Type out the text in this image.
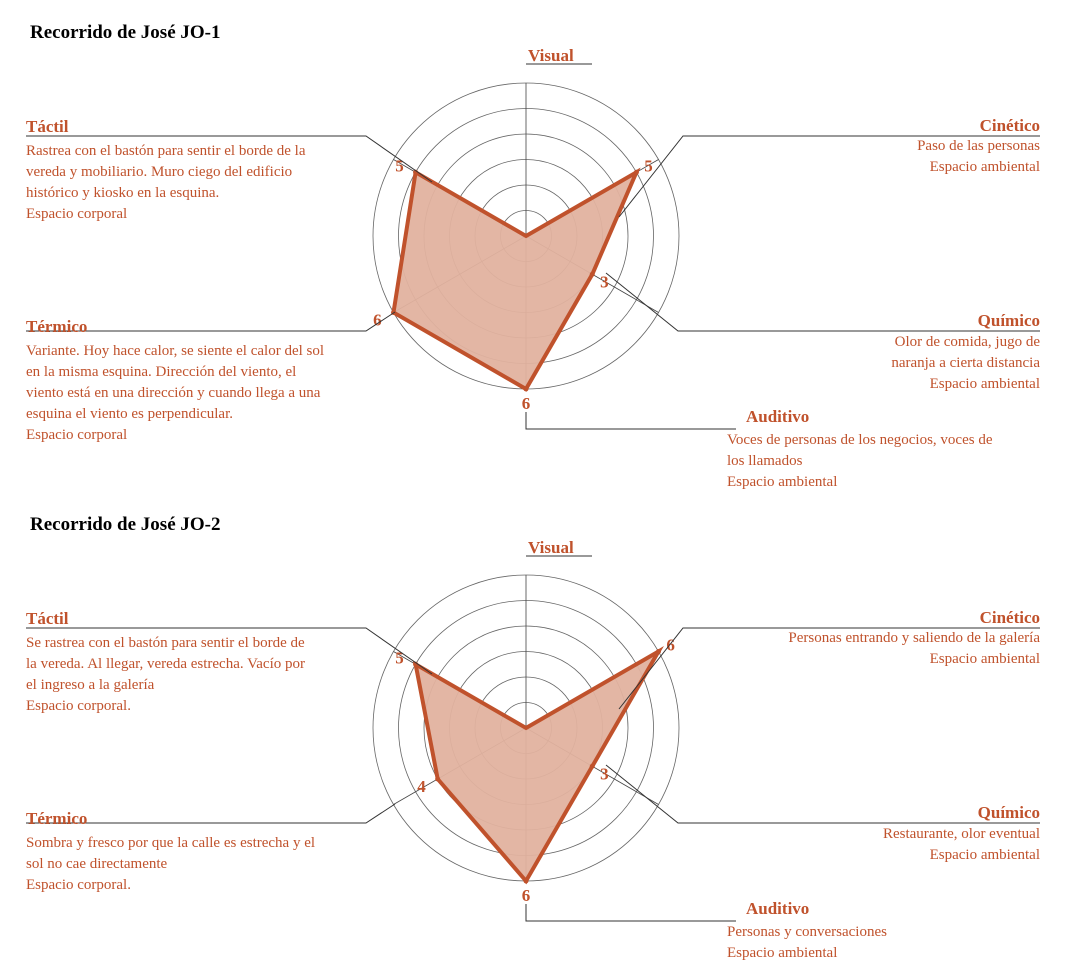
Recorrido de José JO-1
5
3
6
6
5
Visual
Cinético
Paso de las personas
Espacio ambiental
Químico
Olor de comida, jugo de
naranja a cierta distancia
Espacio ambiental
Auditivo
Voces de personas de los negocios, voces de
los llamados
Espacio ambiental
Térmico
Variante. Hoy hace calor, se siente el calor del sol
en la misma esquina. Dirección del viento, el
viento está en una dirección y cuando llega a una
esquina el viento es perpendicular.
Espacio corporal
Táctil
Rastrea con el bastón para sentir el borde de la
vereda y mobiliario. Muro ciego del edificio
histórico y kiosko en la esquina.
Espacio corporal
Recorrido de José JO-2
6
3
6
4
5
Visual
Cinético
Personas entrando y saliendo de la galería
Espacio ambiental
Químico
Restaurante, olor eventual
Espacio ambiental
Auditivo
Personas y conversaciones
Espacio ambiental
Térmico
Sombra y fresco por que la calle es estrecha y el
sol no cae directamente
Espacio corporal.
Táctil
Se rastrea con el bastón para sentir el borde de
la vereda. Al llegar, vereda estrecha. Vacío por
el ingreso a la galería
Espacio corporal.
